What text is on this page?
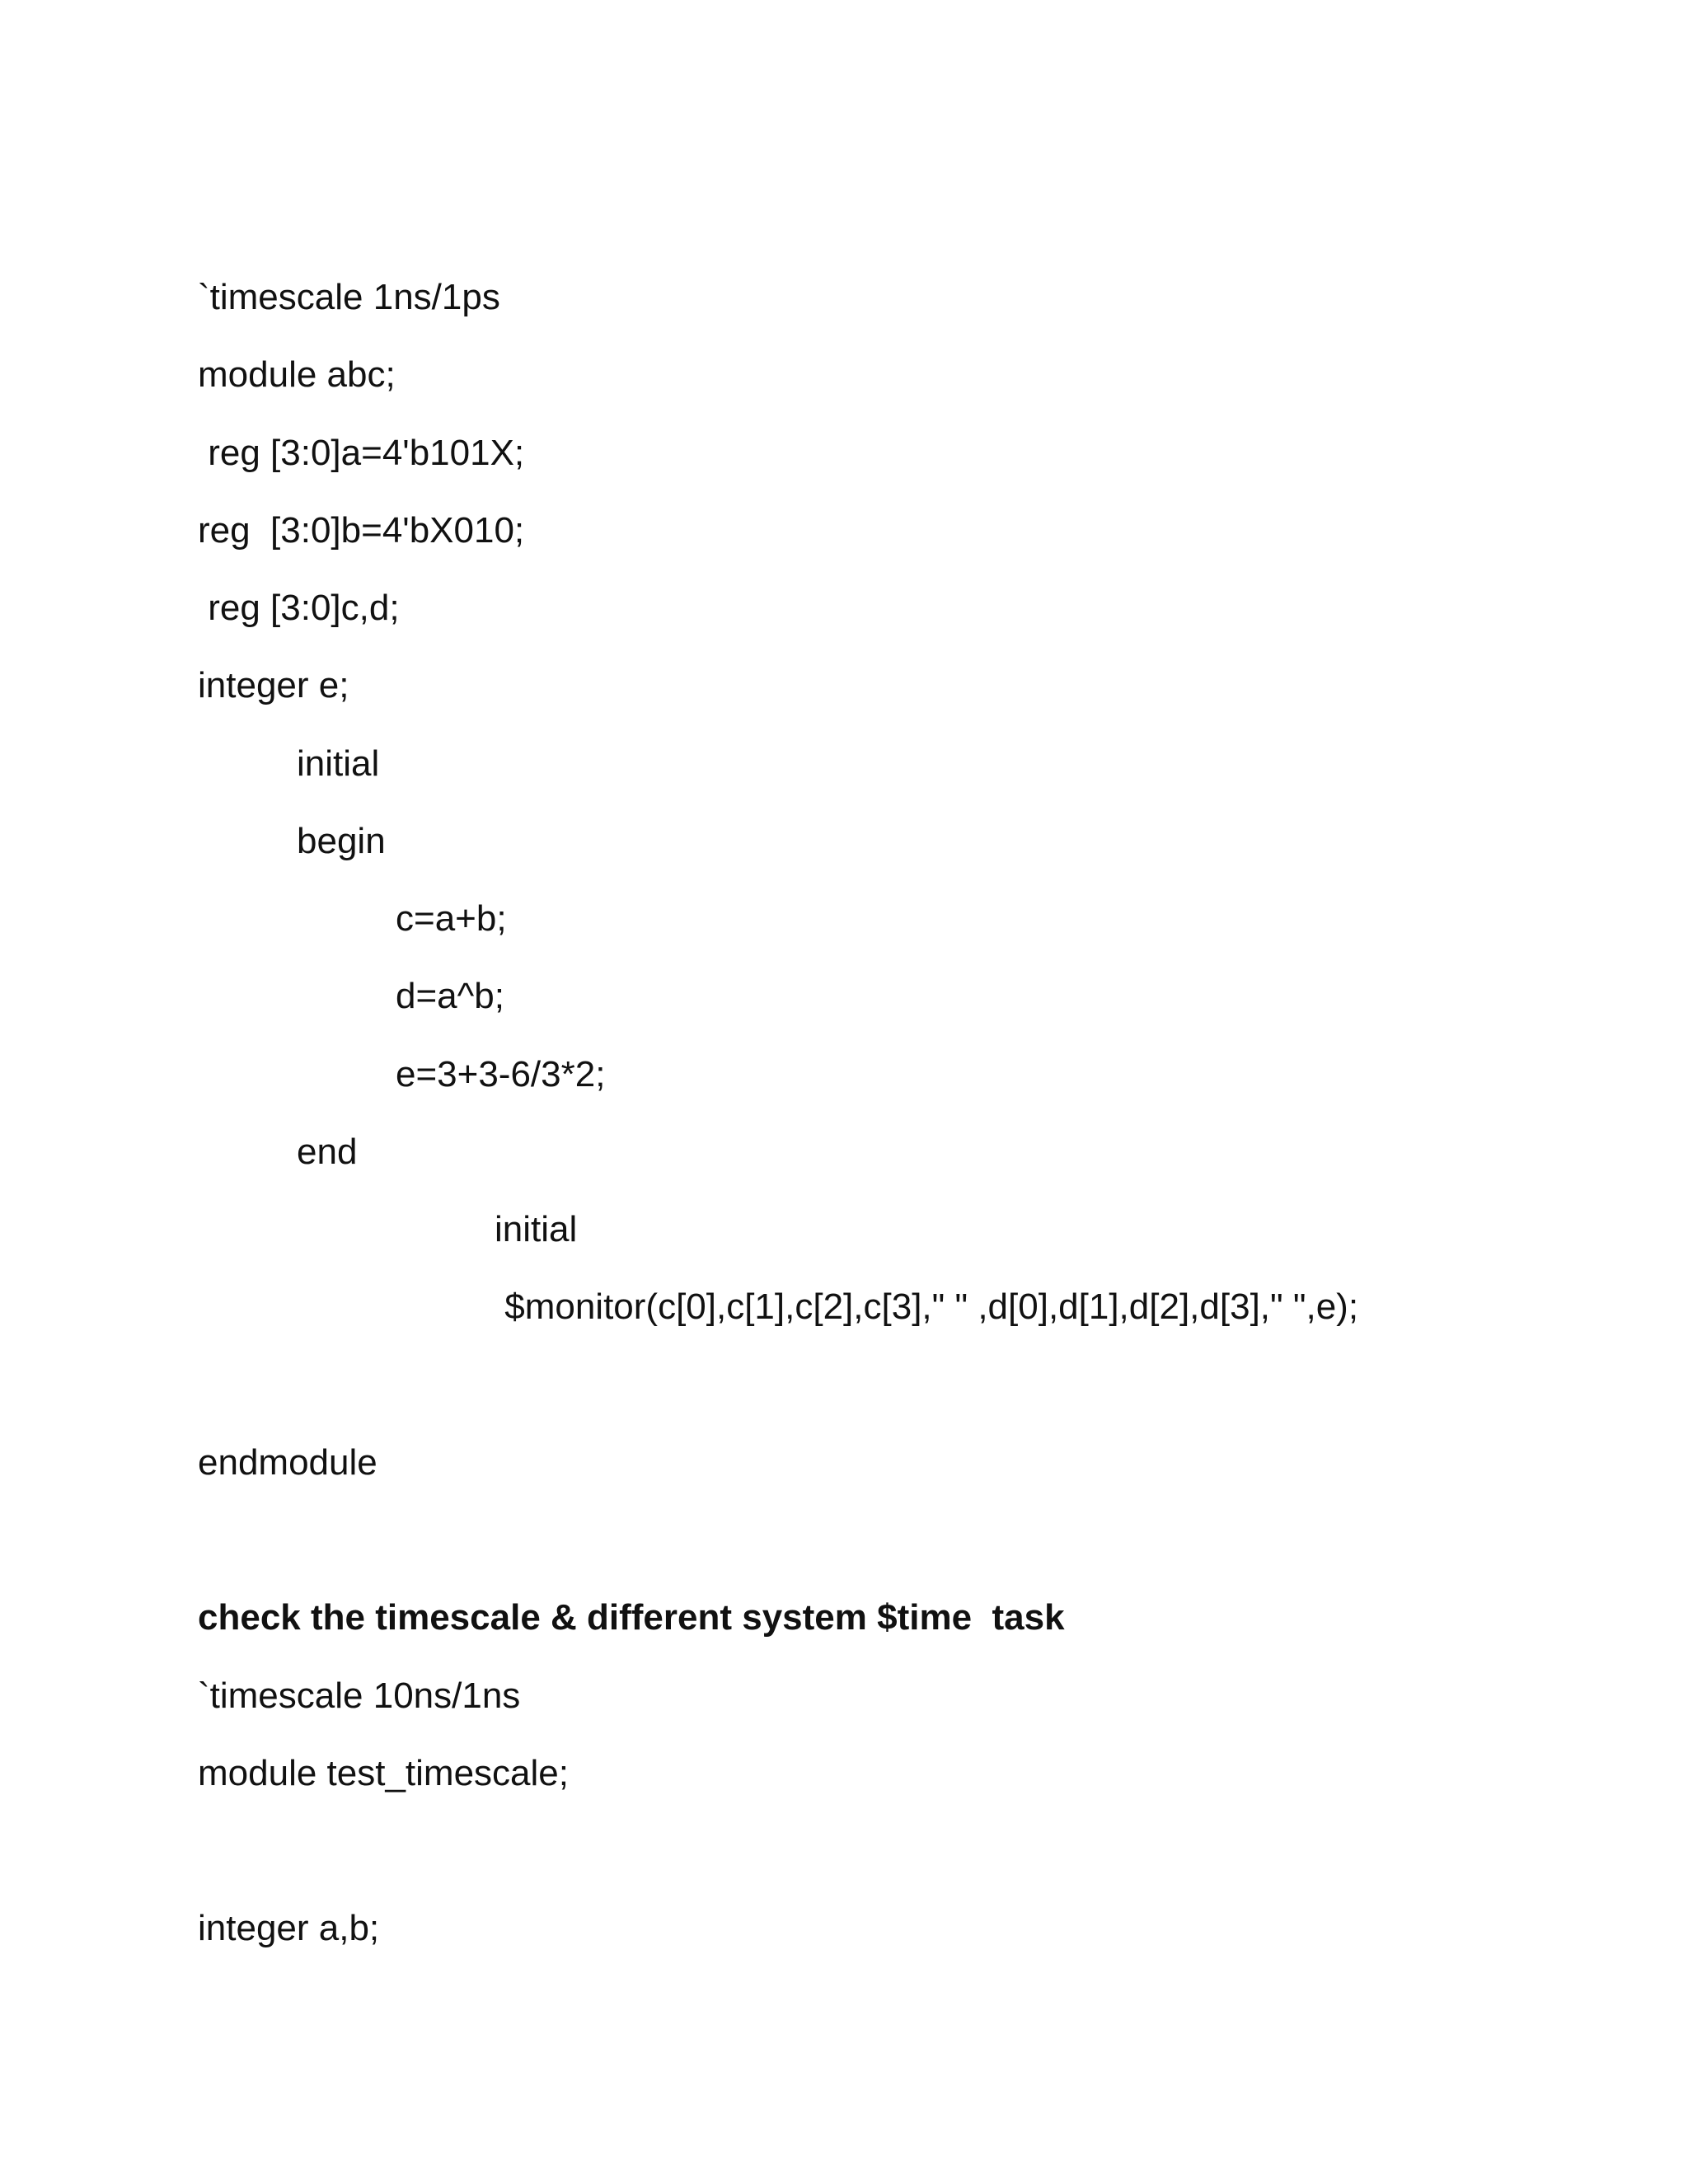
`timescale 1ns/1ps

module abc;

reg [3:0]a=4'b101X;

reg  [3:0]b=4'bX010;

reg [3:0]c,d;

integer e;

initial

begin

c=a+b;

d=a^b;

e=3+3-6/3*2;

end

initial

$monitor(c[0],c[1],c[2],c[3]," " ,d[0],d[1],d[2],d[3]," ",e);

endmodule

check the timescale & different system $time  task

`timescale 10ns/1ns

module test_timescale;

integer a,b;
